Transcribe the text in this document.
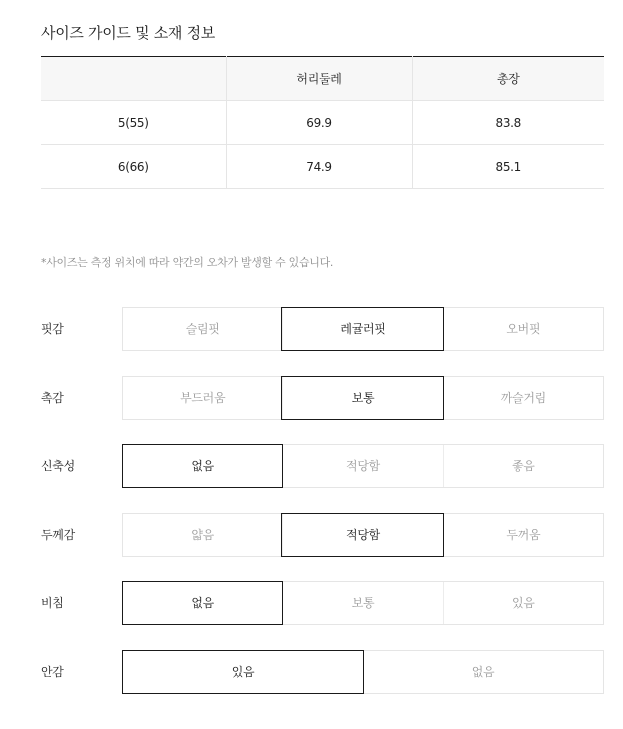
사이즈 가이드 및 소재 정보
	허리둘레	총장
5(55)	69.9	83.8
6(66)	74.9	85.1
*사이즈는 측정 위치에 따라 약간의 오차가 발생할 수 있습니다.
핏감	슬림핏	레귤러핏	오버핏
촉감	부드러움	보통	까슬거림
신축성	없음	적당함	좋음
두께감	얇음	적당함	두꺼움
비침	없음	보통	있음
안감	있음	없음
